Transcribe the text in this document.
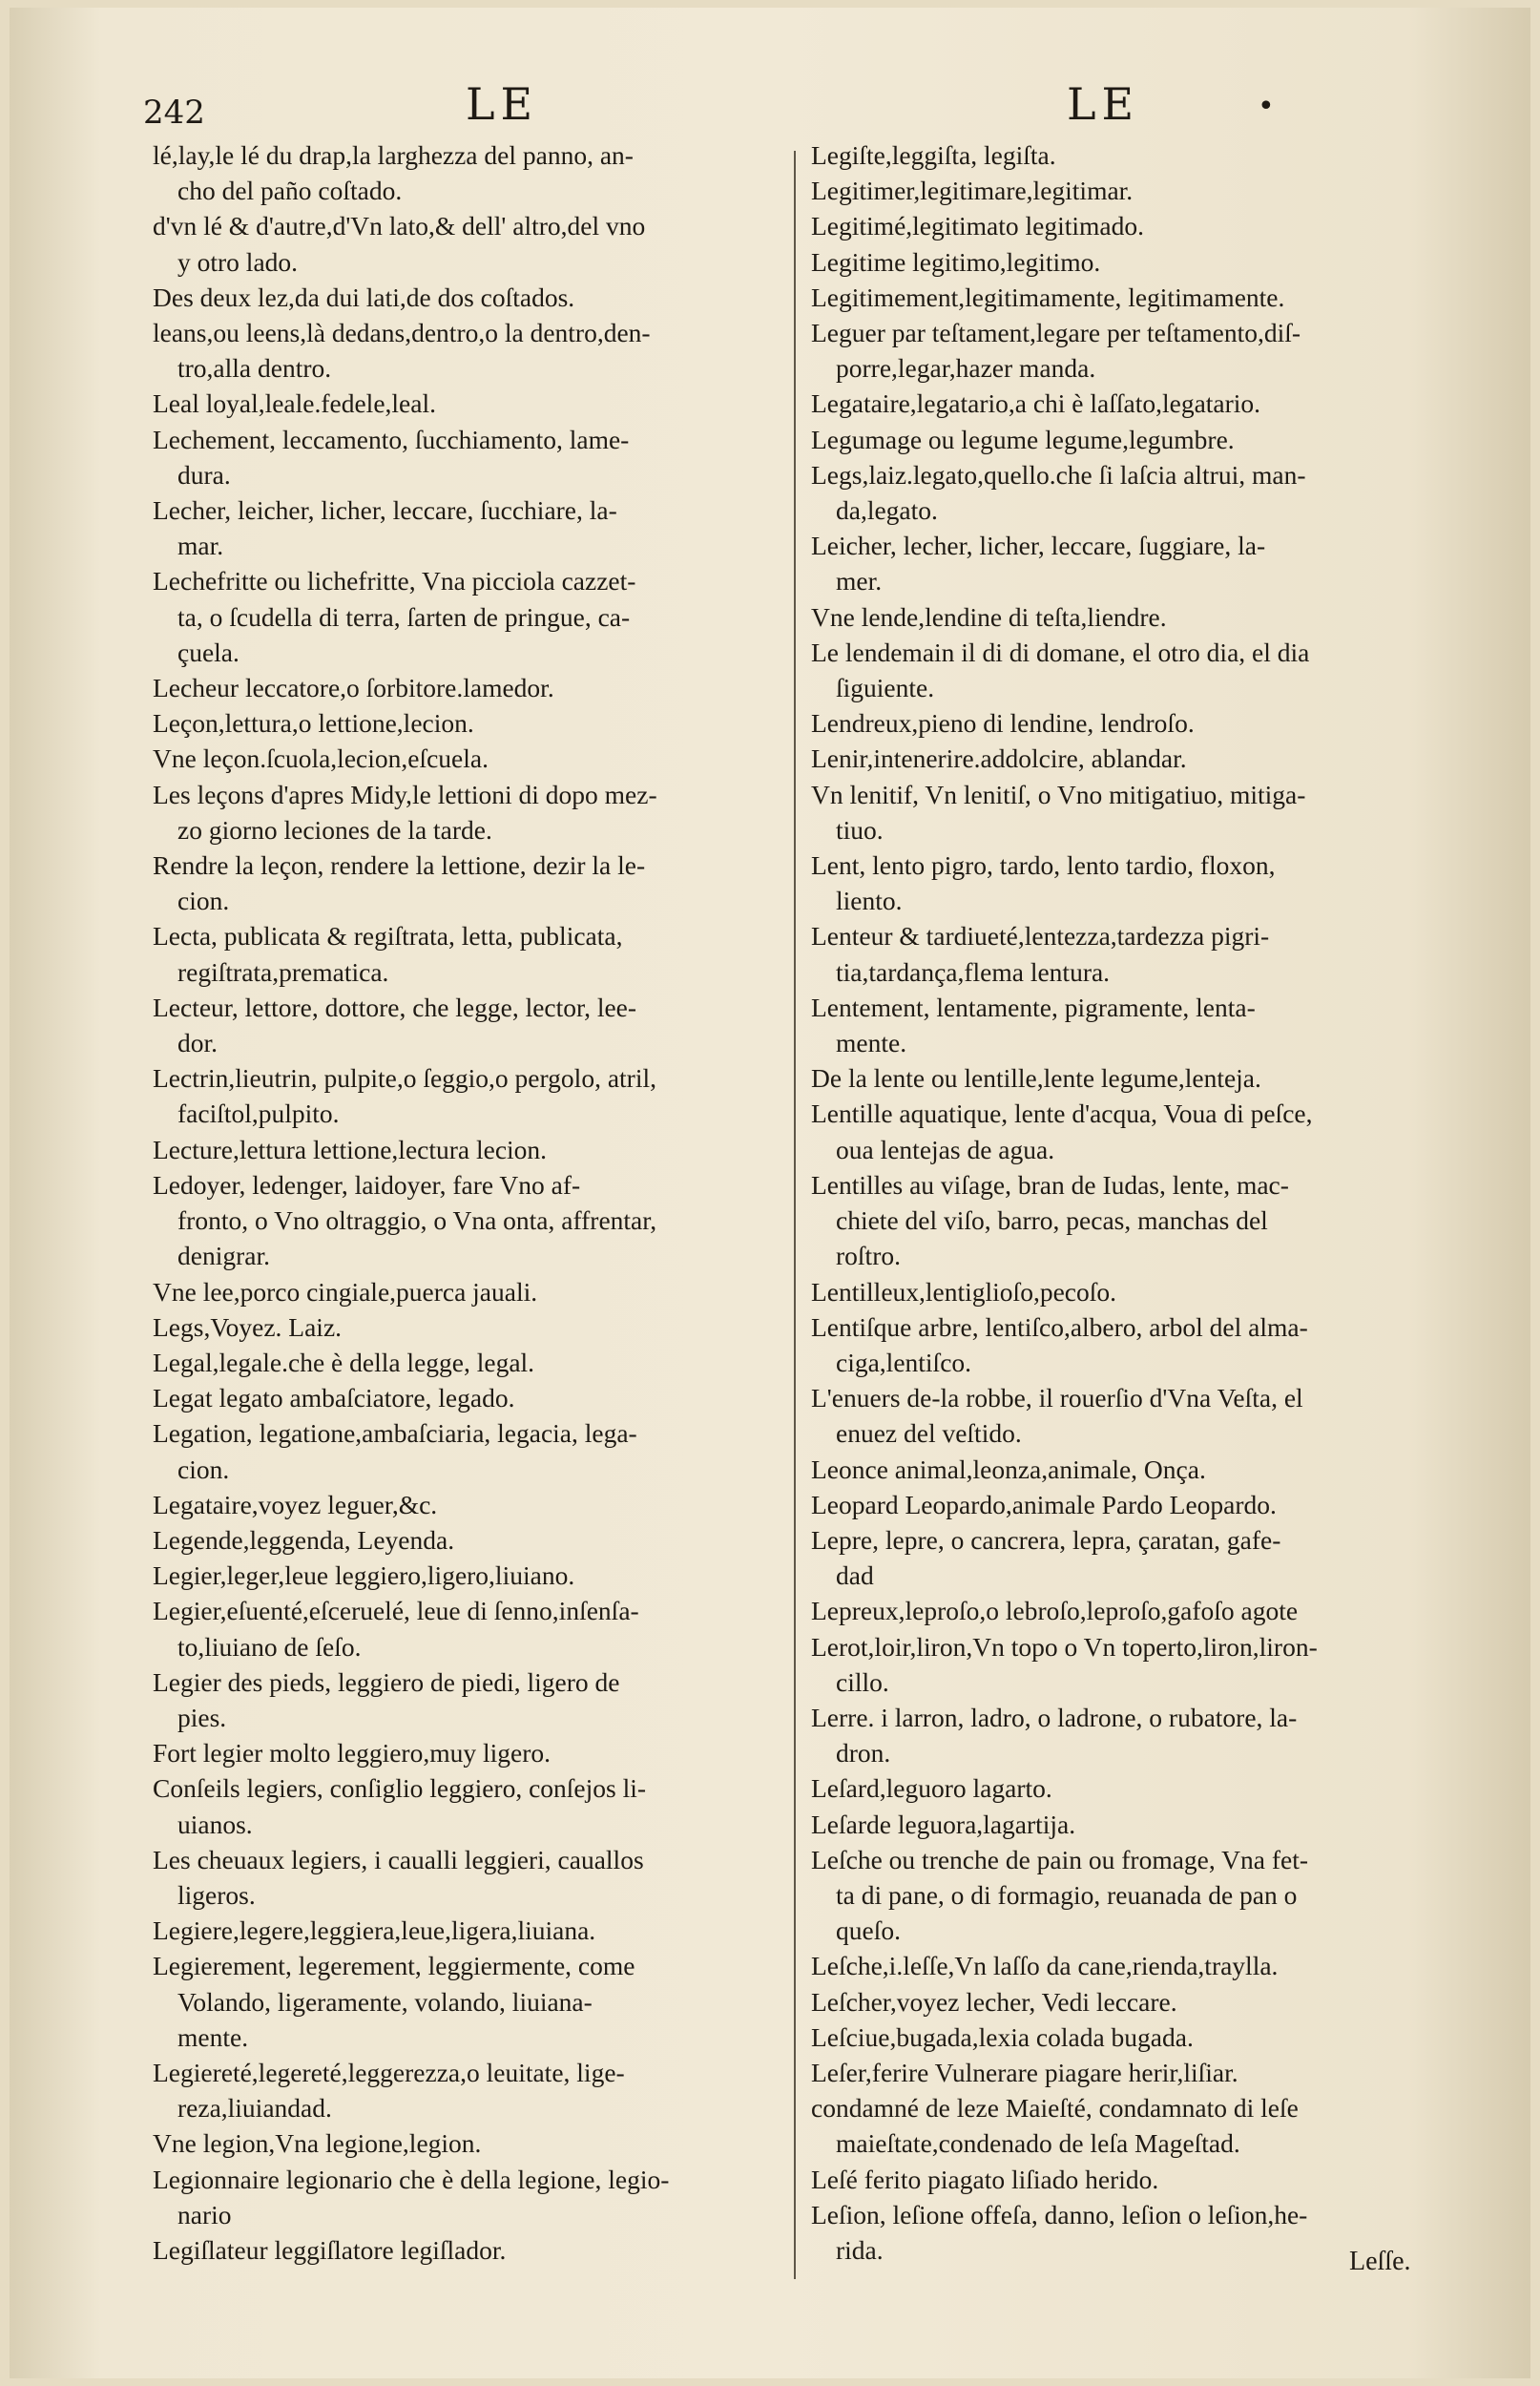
242	LE	LE	•
lé,lay,le lé du drap,la larghezza del panno, an-
cho del paño coſtado.
d'vn lé & d'autre,d'Vn lato,& dell' altro,del vno
y otro lado.
Des deux lez,da dui lati,de dos coſtados.
leans,ou leens,là dedans,dentro,o la dentro,den-
tro,alla dentro.
Leal loyal,leale.fedele,leal.
Lechement, leccamento, ſucchiamento, lame-
dura.
Lecher, leicher, licher, leccare, ſucchiare, la-
mar.
Lechefritte ou lichefritte, Vna picciola cazzet-
ta, o ſcudella di terra, ſarten de pringue, ca-
çuela.
Lecheur leccatore,o ſorbitore.lamedor.
Leçon,lettura,o lettione,lecion.
Vne leçon.ſcuola,lecion,eſcuela.
Les leçons d'apres Midy,le lettioni di dopo mez-
zo giorno leciones de la tarde.
Rendre la leçon, rendere la lettione, dezir la le-
cion.
Lecta, publicata & regiſtrata, letta, publicata,
regiſtrata,prematica.
Lecteur, lettore, dottore, che legge, lector, lee-
dor.
Lectrin,lieutrin, pulpite,o ſeggio,o pergolo, atril,
faciſtol,pulpito.
Lecture,lettura lettione,lectura lecion.
Ledoyer, ledenger, laidoyer, fare Vno af-
fronto, o Vno oltraggio, o Vna onta, affrentar,
denigrar.
Vne lee,porco cingiale,puerca jauali.
Legs,Voyez. Laiz.
Legal,legale.che è della legge, legal.
Legat legato ambaſciatore, legado.
Legation, legatione,ambaſciaria, legacia, lega-
cion.
Legataire,voyez leguer,&c.
Legende,leggenda, Leyenda.
Legier,leger,leue leggiero,ligero,liuiano.
Legier,eſuenté,eſceruelé, leue di ſenno,inſenſa-
to,liuiano de ſeſo.
Legier des pieds, leggiero de piedi, ligero de
pies.
Fort legier molto leggiero,muy ligero.
Conſeils legiers, conſiglio leggiero, conſejos li-
uianos.
Les cheuaux legiers, i caualli leggieri, cauallos
ligeros.
Legiere,legere,leggiera,leue,ligera,liuiana.
Legierement, legerement, leggiermente, come
Volando, ligeramente, volando, liuiana-
mente.
Legiereté,legereté,leggerezza,o leuitate, lige-
reza,liuiandad.
Vne legion,Vna legione,legion.
Legionnaire legionario che è della legione, legio-
nario
Legiſlateur leggiſlatore legiſlador.
Legiſte,leggiſta, legiſta.
Legitimer,legitimare,legitimar.
Legitimé,legitimato legitimado.
Legitime legitimo,legitimo.
Legitimement,legitimamente, legitimamente.
Leguer par teſtament,legare per teſtamento,diſ-
porre,legar,hazer manda.
Legataire,legatario,a chi è laſſato,legatario.
Legumage ou legume legume,legumbre.
Legs,laiz.legato,quello.che ſi laſcia altrui, man-
da,legato.
Leicher, lecher, licher, leccare, ſuggiare, la-
mer.
Vne lende,lendine di teſta,liendre.
Le lendemain il di di domane, el otro dia, el dia
ſiguiente.
Lendreux,pieno di lendine, lendroſo.
Lenir,intenerire.addolcire, ablandar.
Vn lenitif, Vn lenitiſ, o Vno mitigatiuo, mitiga-
tiuo.
Lent, lento pigro, tardo, lento tardio, floxon,
liento.
Lenteur & tardiueté,lentezza,tardezza pigri-
tia,tardança,flema lentura.
Lentement, lentamente, pigramente, lenta-
mente.
De la lente ou lentille,lente legume,lenteja.
Lentille aquatique, lente d'acqua, Voua di peſce,
oua lentejas de agua.
Lentilles au viſage, bran de Iudas, lente, mac-
chiete del viſo, barro, pecas, manchas del
roſtro.
Lentilleux,lentiglioſo,pecoſo.
Lentiſque arbre, lentiſco,albero, arbol del alma-
ciga,lentiſco.
L'enuers de-la robbe, il rouerſio d'Vna Veſta, el
enuez del veſtido.
Leonce animal,leonza,animale, Onça.
Leopard Leopardo,animale Pardo Leopardo.
Lepre, lepre, o cancrera, lepra, çaratan, gafe-
dad
Lepreux,leproſo,o lebroſo,leproſo,gafoſo agote
Lerot,loir,liron,Vn topo o Vn toperto,liron,liron-
cillo.
Lerre. i larron, ladro, o ladrone, o rubatore, la-
dron.
Leſard,leguoro lagarto.
Leſarde leguora,lagartija.
Leſche ou trenche de pain ou fromage, Vna fet-
ta di pane, o di formagio, reuanada de pan o
queſo.
Leſche,i.leſſe,Vn laſſo da cane,rienda,traylla.
Leſcher,voyez lecher, Vedi leccare.
Leſciue,bugada,lexia colada bugada.
Leſer,ferire Vulnerare piagare herir,liſiar.
condamné de leze Maieſté, condamnato di leſe
maieſtate,condenado de leſa Mageſtad.
Leſé ferito piagato liſiado herido.
Leſion, leſione offeſa, danno, leſion o leſion,he-
rida.	Leſſe.
